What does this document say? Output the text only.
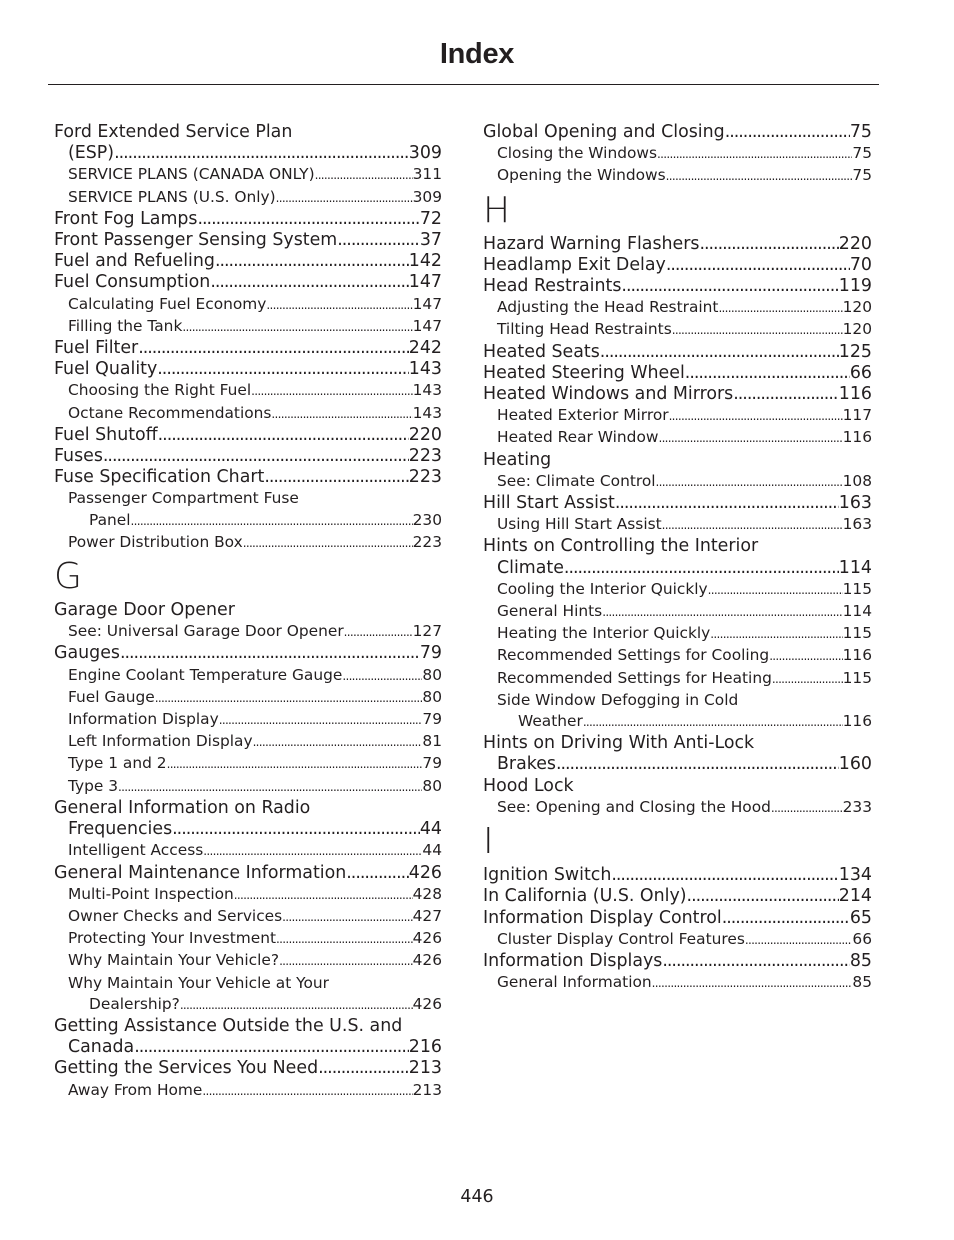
Index
Ford Extended Service Plan
(ESP) .....	309
SERVICE PLANS (CANADA ONLY) .....	311
SERVICE PLANS (U.S. Only) .....	309
Front Fog Lamps .....	72
Front Passenger Sensing System .....	37
Fuel and Refueling .....	142
Fuel Consumption .....	147
Calculating Fuel Economy .....	147
Filling the Tank .....	147
Fuel Filter .....	242
Fuel Quality .....	143
Choosing the Right Fuel .....	143
Octane Recommendations .....	143
Fuel Shutoff .....	220
Fuses .....	223
Fuse Specification Chart .....	223
Passenger Compartment Fuse
Panel .....	230
Power Distribution Box .....	223
G
Garage Door Opener
See: Universal Garage Door Opener .....	127
Gauges .....	79
Engine Coolant Temperature Gauge .....	80
Fuel Gauge .....	80
Information Display .....	79
Left Information Display .....	81
Type 1 and 2 .....	79
Type 3 .....	80
General Information on Radio
Frequencies .....	44
Intelligent Access .....	44
General Maintenance Information .....	426
Multi-Point Inspection .....	428
Owner Checks and Services .....	427
Protecting Your Investment .....	426
Why Maintain Your Vehicle? .....	426
Why Maintain Your Vehicle at Your
Dealership? .....	426
Getting Assistance Outside the U.S. and
Canada .....	216
Getting the Services You Need .....	213
Away From Home .....	213
Global Opening and Closing .....	75
Closing the Windows .....	75
Opening the Windows .....	75
H
Hazard Warning Flashers .....	220
Headlamp Exit Delay .....	70
Head Restraints .....	119
Adjusting the Head Restraint .....	120
Tilting Head Restraints .....	120
Heated Seats .....	125
Heated Steering Wheel .....	66
Heated Windows and Mirrors .....	116
Heated Exterior Mirror .....	117
Heated Rear Window .....	116
Heating
See: Climate Control .....	108
Hill Start Assist .....	163
Using Hill Start Assist .....	163
Hints on Controlling the Interior
Climate .....	114
Cooling the Interior Quickly .....	115
General Hints .....	114
Heating the Interior Quickly .....	115
Recommended Settings for Cooling .....	116
Recommended Settings for Heating .....	115
Side Window Defogging in Cold
Weather .....	116
Hints on Driving With Anti-Lock
Brakes .....	160
Hood Lock
See: Opening and Closing the Hood .....	233
I
Ignition Switch .....	134
In California (U.S. Only) .....	214
Information Display Control .....	65
Cluster Display Control Features .....	66
Information Displays .....	85
General Information .....	85
446
